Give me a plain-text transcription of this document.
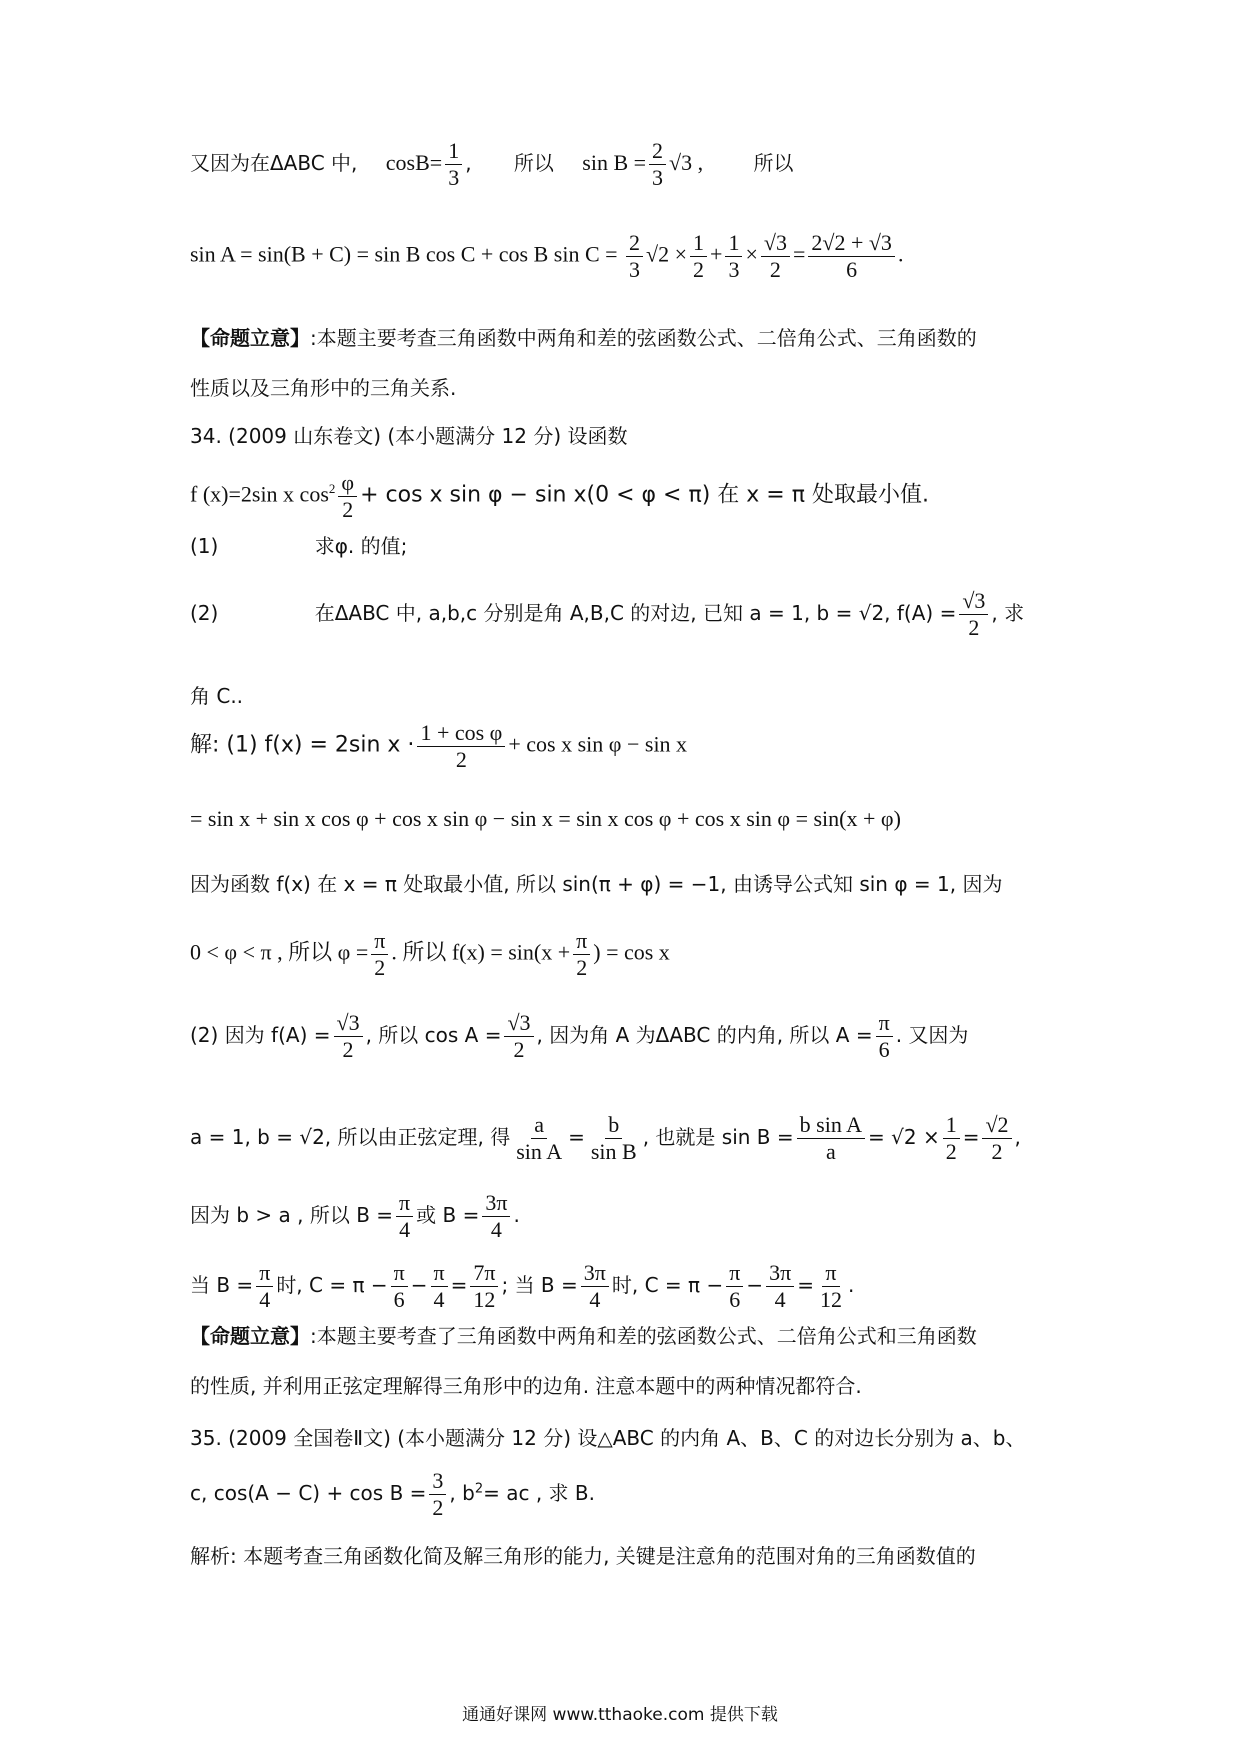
又因为在ΔABC 中, $\cos B= \frac{1}{3}$ , 所以 $\sin B = \frac{2}{3} √3$ ,	所以
sin A = sin(B + C) = sin B cos C + cos B $\sin C = \frac{2}{3} √2 \times \frac{1}{2} + \frac{1}{3} \times \frac{√3}{2} = \frac{2√2 + √3}{6}$ .
【命题立意】:本题主要考查三角函数中两角和差的弦函数公式、二倍角公式、三角函数的
性质以及三角形中的三角关系.
34. (2009 山东卷文) (本小题满分 12 分) 设函数
f (x)=2sin x $\cos^2 \frac{\varphi}{2} + \cos x$ sin φ − sin x(0 < φ < π) 在 x = π 处取最小值.
(1)	求φ. 的值;
(2)	在ΔABC 中, a,b,c 分别是角 A,B,C 的对边, 已知 a = 1, b = √2, $f(A) = \frac{√3}{2}$ , 求
角 C..
解: (1) f(x) = 2sin $x \cdot \frac{\text{1 + cos φ}}{2} + \cos x$ sin φ − sin x
= sin x + sin x cos φ + cos x sin φ − sin x = sin x cos φ + cos x sin φ = sin(x + φ)
因为函数 f(x) 在 x = π 处取最小值, 所以 sin(π + φ) = −1, 由诱导公式知 sin φ = 1, 因为
0 < φ < π , 所以 $\varphi = \frac{\pi}{2}$ . 所以 $f(x) = \sin(x + \frac{\pi}{2}$ ) = cos x
(2) 因为 $f(A) = \frac{√3}{2}$ , 所以 $\cos A = \frac{√3}{2}$ , 因为角 A 为ΔABC 的内角, 所以 $A = \frac{\pi}{6}$ . 又因为
a = 1, b = √2, 所以由正弦定理, 得 $\frac{a}{\text{sin A}} = \frac{b}{\text{sin B}}$ , 也就是 $\sin B = \frac{\text{b sin A}}{a} = √2 \times \frac{1}{2} = \frac{√2}{2}$ ,
因为 b > a , 所以 $B = \frac{\pi}{4}$ 或 $B = \frac{3\pi}{4}$ .
当 $B = \frac{\pi}{4}$ 时, $C = \pi - \frac{\pi}{6} - \frac{\pi}{4} = \frac{7\pi}{12}$ ; 当 $B = \frac{3\pi}{4}$ 时, $C = \pi - \frac{\pi}{6} - \frac{3\pi}{4} = \frac{\pi}{12}$ .
【命题立意】:本题主要考查了三角函数中两角和差的弦函数公式、二倍角公式和三角函数
的性质, 并利用正弦定理解得三角形中的边角. 注意本题中的两种情况都符合.
35. (2009 全国卷Ⅱ文) (本小题满分 12 分) 设△ABC 的内角 A、B、C 的对边长分别为 a、b、
c, $\cos(A - C) + \cos B = \frac{3}{2}$ , $b^2=$ ac , 求 B.
解析: 本题考查三角函数化简及解三角形的能力, 关键是注意角的范围对角的三角函数值的
通通好课网 www.tthaoke.com 提供下载
